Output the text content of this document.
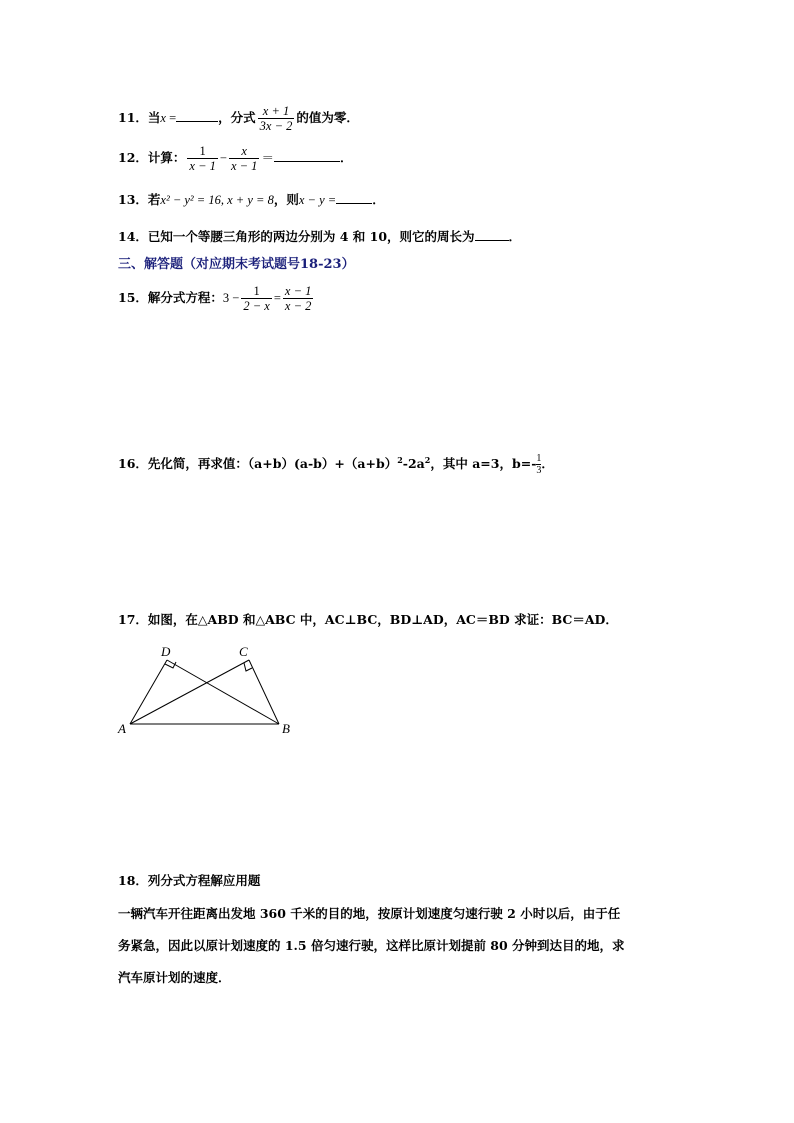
11．当x =	，分式 $\frac{x + 1}{3x - 2}$ 的值为零．
12．计算： $\frac{1}{x - 1} - \frac{x}{x - 1}$ ＝	．
13．若x² − y² = 16, x + y = 8，则x − y =	．
14．已知一个等腰三角形的两边分别为 4 和 10，则它的周长为	．
三、解答题（对应期末考试题号18-23）
15．解分式方程：$3 - \frac{1}{2 - x} = \frac{x - 1}{x - 2}$
16．先化简，再求值：$(a+b)(a-b)+(a+b)^2-2a^2$，其中 a=3，$b=- \frac{1}{3}$ ．
17．如图，在△ABD 和△ABC 中，AC⊥BC，BD⊥AD，AC＝BD 求证：BC＝AD．
A	B
C
D
18．列分式方程解应用题
一辆汽车开往距离出发地 360 千米的目的地，按原计划速度匀速行驶 2 小时以后，由于任
务紧急，因此以原计划速度的 1.5 倍匀速行驶，这样比原计划提前 80 分钟到达目的地，求
汽车原计划的速度．
